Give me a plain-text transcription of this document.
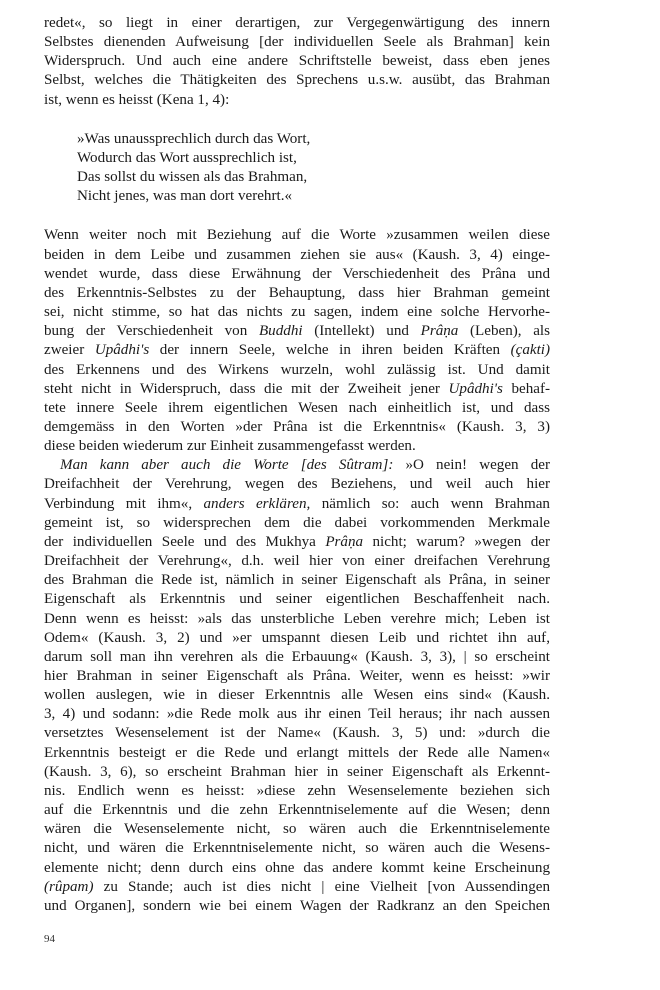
redet«, so liegt in einer derartigen, zur Vergegenwärtigung des innern
Selbstes dienenden Aufweisung [der individuellen Seele als Brahman] kein
Widerspruch. Und auch eine andere Schriftstelle beweist, dass eben jenes
Selbst, welches die Thätigkeiten des Sprechens u.s.w. ausübt, das Brahman
ist, wenn es heisst (Kena 1, 4):
»Was unaussprechlich durch das Wort,
Wodurch das Wort aussprechlich ist,
Das sollst du wissen als das Brahman,
Nicht jenes, was man dort verehrt.«
Wenn weiter noch mit Beziehung auf die Worte »zusammen weilen diese
beiden in dem Leibe und zusammen ziehen sie aus« (Kaush. 3, 4) einge-
wendet wurde, dass diese Erwähnung der Verschiedenheit des Prâna und
des Erkenntnis-Selbstes zu der Behauptung, dass hier Brahman gemeint
sei, nicht stimme, so hat das nichts zu sagen, indem eine solche Hervorhe-
bung der Verschiedenheit von Buddhi (Intellekt) und Prâṇa (Leben), als
zweier Upâdhi's der innern Seele, welche in ihren beiden Kräften (çakti)
des Erkennens und des Wirkens wurzeln, wohl zulässig ist. Und damit
steht nicht in Widerspruch, dass die mit der Zweiheit jener Upâdhi's behaf-
tete innere Seele ihrem eigentlichen Wesen nach einheitlich ist, und dass
demgemäss in den Worten »der Prâna ist die Erkenntnis« (Kaush. 3, 3)
diese beiden wiederum zur Einheit zusammengefasst werden.
Man kann aber auch die Worte [des Sûtram]: »O nein! wegen der
Dreifachheit der Verehrung, wegen des Beziehens, und weil auch hier
Verbindung mit ihm«, anders erklären, nämlich so: auch wenn Brahman
gemeint ist, so widersprechen dem die dabei vorkommenden Merkmale
der individuellen Seele und des Mukhya Prâṇa nicht; warum? »wegen der
Dreifachheit der Verehrung«, d.h. weil hier von einer dreifachen Verehrung
des Brahman die Rede ist, nämlich in seiner Eigenschaft als Prâna, in seiner
Eigenschaft als Erkenntnis und seiner eigentlichen Beschaffenheit nach.
Denn wenn es heisst: »als das unsterbliche Leben verehre mich; Leben ist
Odem« (Kaush. 3, 2) und »er umspannt diesen Leib und richtet ihn auf,
darum soll man ihn verehren als die Erbauung« (Kaush. 3, 3), | so erscheint
hier Brahman in seiner Eigenschaft als Prâna. Weiter, wenn es heisst: »wir
wollen auslegen, wie in dieser Erkenntnis alle Wesen eins sind« (Kaush.
3, 4) und sodann: »die Rede molk aus ihr einen Teil heraus; ihr nach aussen
versetztes Wesenselement ist der Name« (Kaush. 3, 5) und: »durch die
Erkenntnis besteigt er die Rede und erlangt mittels der Rede alle Namen«
(Kaush. 3, 6), so erscheint Brahman hier in seiner Eigenschaft als Erkennt-
nis. Endlich wenn es heisst: »diese zehn Wesenselemente beziehen sich
auf die Erkenntnis und die zehn Erkenntniselemente auf die Wesen; denn
wären die Wesenselemente nicht, so wären auch die Erkenntniselemente
nicht, und wären die Erkenntniselemente nicht, so wären auch die Wesens-
elemente nicht; denn durch eins ohne das andere kommt keine Erscheinung
(rûpam) zu Stande; auch ist dies nicht | eine Vielheit [von Aussendingen
und Organen], sondern wie bei einem Wagen der Radkranz an den Speichen
94
